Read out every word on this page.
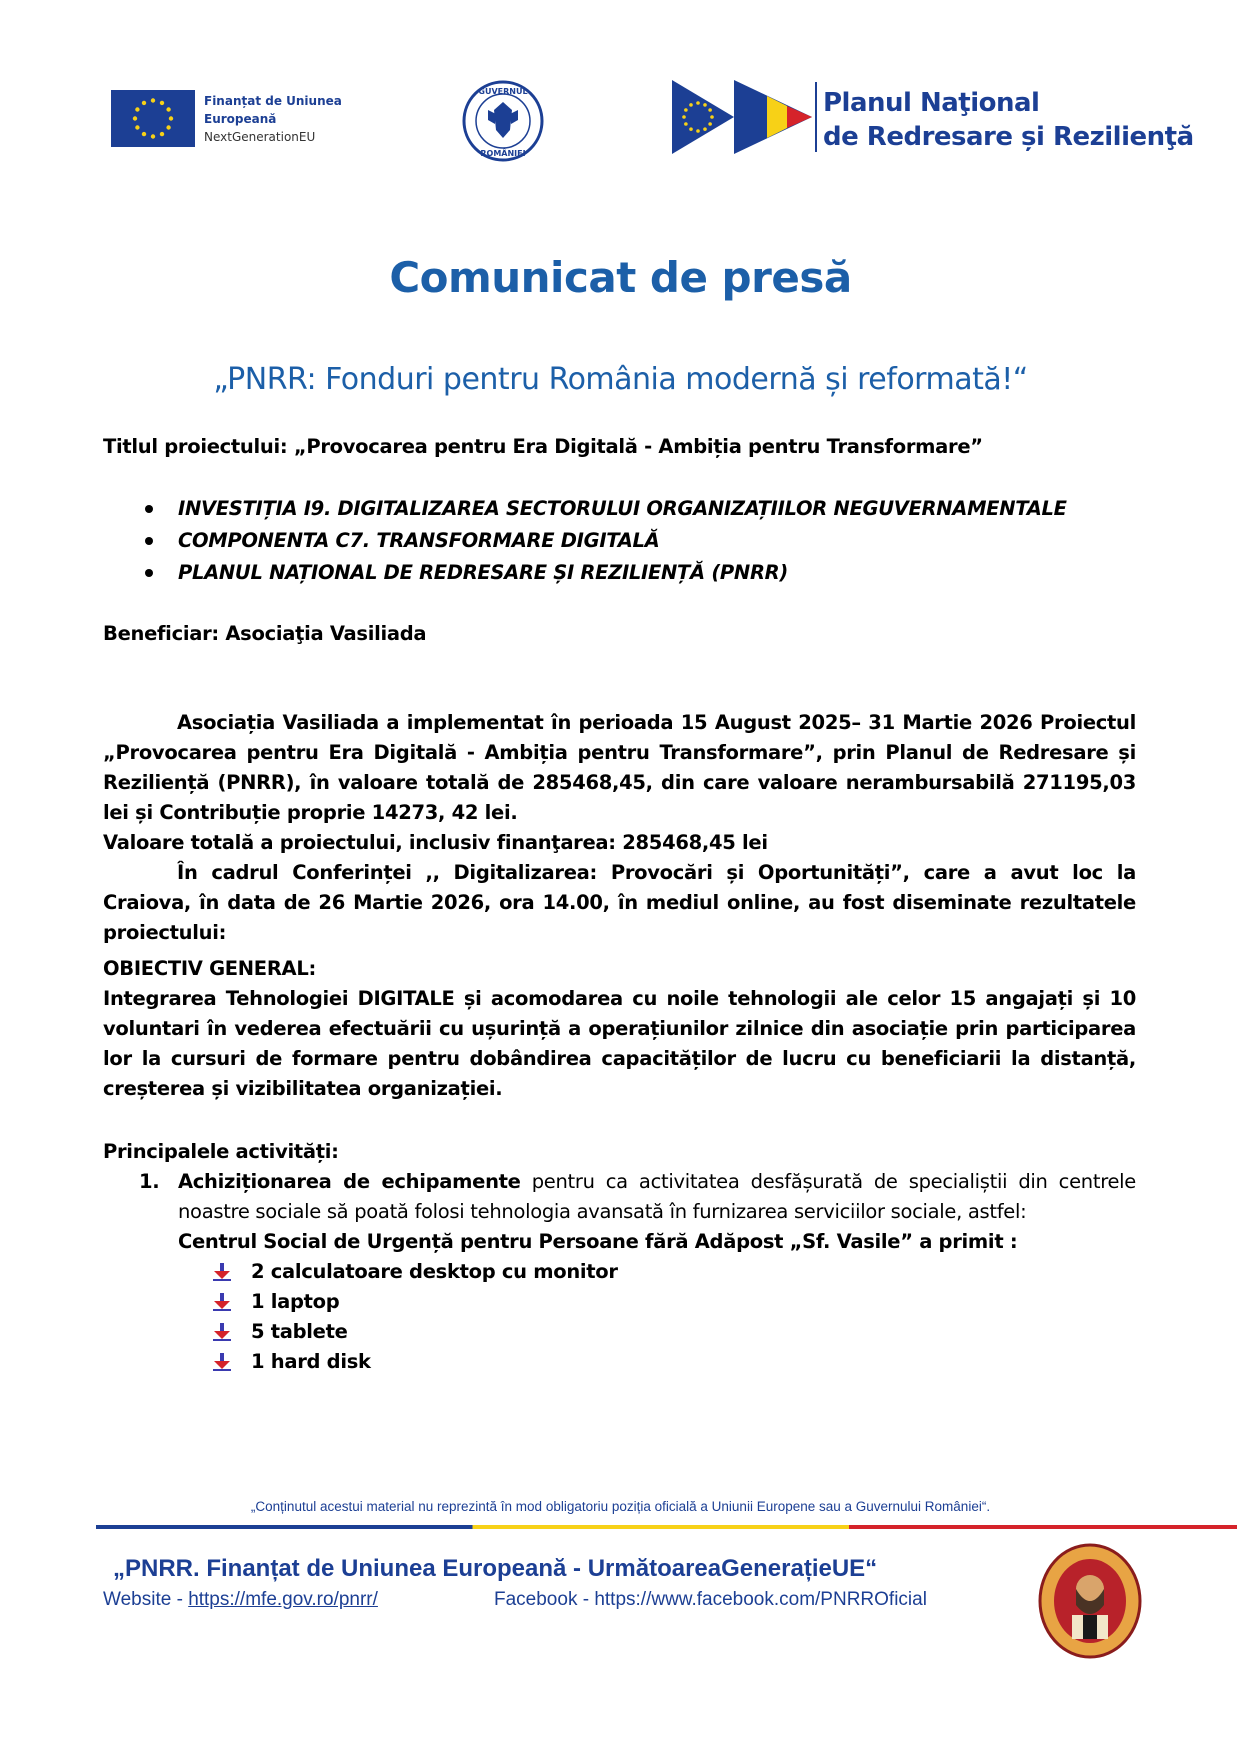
Finanțat de Uniunea
Europeană
NextGenerationEU
GUVERNUL
ROMÂNIEI
Planul Naţional
de Redresare și Rezilienţă
Comunicat de presă
„PNRR: Fonduri pentru România modernă și reformată!“
Titlul proiectului: „Provocarea pentru Era Digitală - Ambiția pentru Transformare”
INVESTIȚIA I9. DIGITALIZAREA SECTORULUI ORGANIZAȚIILOR NEGUVERNAMENTALE
COMPONENTA C7. TRANSFORMARE DIGITALĂ
PLANUL NAȚIONAL DE REDRESARE ȘI REZILIENȚĂ (PNRR)
Beneficiar: Asociaţia Vasiliada

Asociația Vasiliada a implementat în perioada 15 August 2025– 31 Martie 2026 Proiectul „Provocarea pentru Era Digitală - Ambiția pentru Transformare”, prin Planul de Redresare și Reziliență (PNRR), în valoare totală de 285468,45, din care valoare nerambursabilă 271195,03 lei și Contribuție proprie 14273, 42 lei.

Valoare totală a proiectului, inclusiv finanţarea: 285468,45 lei

În cadrul Conferinței ,, Digitalizarea: Provocări și Oportunități”, care a avut loc la Craiova, în data de 26 Martie 2026, ora 14.00, în mediul online, au fost diseminate rezultatele proiectului:

OBIECTIV GENERAL:

Integrarea Tehnologiei DIGITALE și acomodarea cu noile tehnologii ale celor 15 angajați și 10 voluntari în vederea efectuării cu ușurință a operațiunilor zilnice din asociație prin participarea lor la cursuri de formare pentru dobândirea capacităților de lucru cu beneficiarii la distanță, creșterea și vizibilitatea organizației.

Principalele activități:

1. Achiziționarea de echipamente pentru ca activitatea desfășurată de specialiștii din centrele noastre sociale să poată folosi tehnologia avansată în furnizarea serviciilor sociale, astfel:

Centrul Social de Urgență pentru Persoane fără Adăpost „Sf. Vasile” a primit :

2 calculatoare desktop cu monitor
1 laptop
5 tablete
1 hard disk
„Conținutul acestui material nu reprezintă în mod obligatoriu poziția oficială a Uniunii Europene sau a Guvernului României“.
„PNRR. Finanțat de Uniunea Europeană - UrmătoareaGenerațieUE“
Website - https://mfe.gov.ro/pnrr/	Facebook - https://www.facebook.com/PNRROficial
